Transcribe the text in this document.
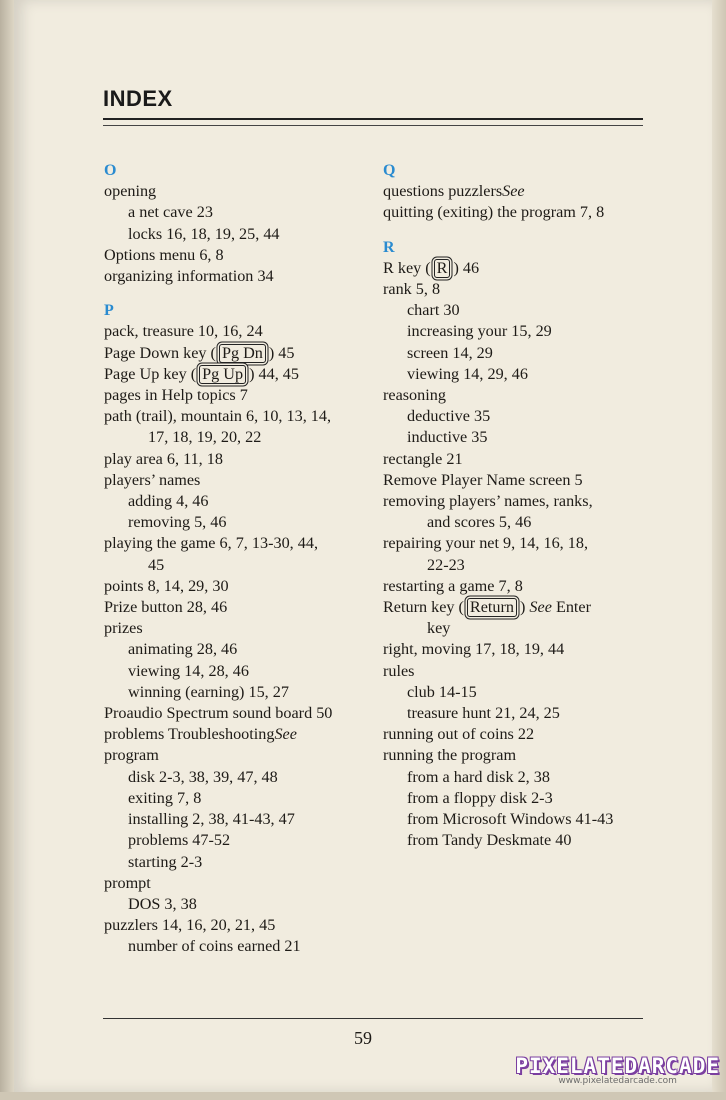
INDEX
O
opening
a net cave 23
locks 16, 18, 19, 25, 44
Options menu 6, 8
organizing information 34
P
pack, treasure 10, 16, 24
Page Down key ( Pg Dn ) 45
Page Up key ( Pg Up ) 44, 45
pages in Help topics 7
path (trail), mountain 6, 10, 13, 14,
17, 18, 19, 20, 22
play area 6, 11, 18
players’ names
adding 4, 46
removing 5, 46
playing the game 6, 7, 13-30, 44,
45
points 8, 14, 29, 30
Prize button 28, 46
prizes
animating 28, 46
viewing 14, 28, 46
winning (earning) 15, 27
Proaudio Spectrum sound board 50
problems TroubleshootingSee
program
disk 2-3, 38, 39, 47, 48
exiting 7, 8
installing 2, 38, 41-43, 47
problems 47-52
starting 2-3
prompt
DOS 3, 38
puzzlers 14, 16, 20, 21, 45
number of coins earned 21
Q
questions puzzlersSee
quitting (exiting) the program 7, 8
R
R key ( R ) 46
rank 5, 8
chart 30
increasing your 15, 29
screen 14, 29
viewing 14, 29, 46
reasoning
deductive 35
inductive 35
rectangle 21
Remove Player Name screen 5
removing players’ names, ranks,
and scores 5, 46
repairing your net 9, 14, 16, 18,
22-23
restarting a game 7, 8
Return key ( Return ) See Enter
key
right, moving 17, 18, 19, 44
rules
club 14-15
treasure hunt 21, 24, 25
running out of coins 22
running the program
from a hard disk 2, 38
from a floppy disk 2-3
from Microsoft Windows 41-43
from Tandy Deskmate 40
59
PIXELATEDARCADE
www.pixelatedarcade.com
